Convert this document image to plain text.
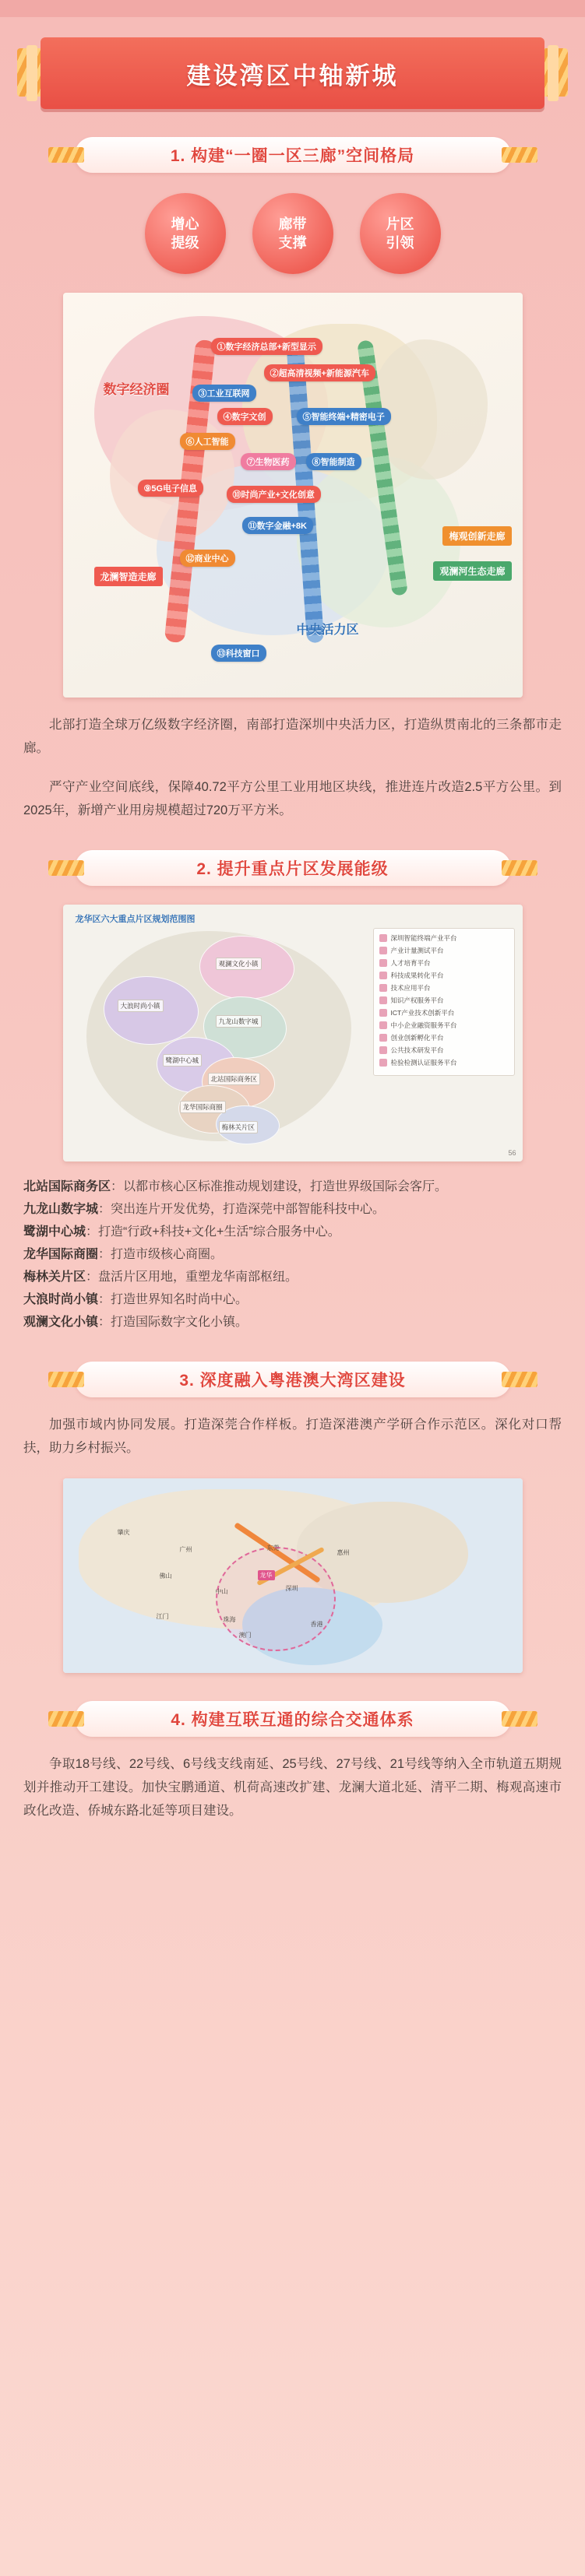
建设湾区中轴新城
1. 构建“一圈一区三廊”空间格局
增心
提级
廊带
支撑
片区
引领
数字经济圈
中央活力区
梅观创新走廊
观澜河生态走廊
龙澜智造走廊
①数字经济总部+新型显示
②超高清视频+新能源汽车
③工业互联网
④数字文创	⑤智能终端+精密电子
⑥人工智能
⑦生物医药	⑧智能制造
⑨5G电子信息
⑩时尚产业+文化创意
⑪数字金融+8K
⑫商业中心
⑬科技窗口
北部打造全球万亿级数字经济圈，南部打造深圳中央活力区，打造纵贯南北的三条都市走廊。
严守产业空间底线，保障40.72平方公里工业用地区块线，推进连片改造2.5平方公里。到2025年，新增产业用房规模超过720万平方米。
2. 提升重点片区发展能级
龙华区六大重点片区规划范围图
观澜文化小镇
大浪时尚小镇
九龙山数字城
鹭湖中心城
北站国际商务区
龙华国际商圈
梅林关片区
深圳智能终端产业平台
产业计量测试平台
人才培育平台
科技成果转化平台
技术应用平台
知识产权服务平台
ICT产业技术创新平台
中小企业融资服务平台
创业创新孵化平台
公共技术研发平台
检验检测认证服务平台
56
北站国际商务区：以都市核心区标准推动规划建设，打造世界级国际会客厅。
九龙山数字城：突出连片开发优势，打造深莞中部智能科技中心。
鹭湖中心城：打造“行政+科技+文化+生活”综合服务中心。
龙华国际商圈：打造市级核心商圈。
梅林关片区：盘活片区用地，重塑龙华南部枢纽。
大浪时尚小镇：打造世界知名时尚中心。
观澜文化小镇：打造国际数字文化小镇。
3. 深度融入粤港澳大湾区建设
加强市域内协同发展。打造深莞合作样板。打造深港澳产学研合作示范区。深化对口帮扶，助力乡村振兴。
广州	东莞
深圳
香港
澳门
珠海
中山
佛山
惠州
江门
肇庆
龙华
4. 构建互联互通的综合交通体系
争取18号线、22号线、6号线支线南延、25号线、27号线、21号线等纳入全市轨道五期规划并推动开工建设。加快宝鹏通道、机荷高速改扩建、龙澜大道北延、清平二期、梅观高速市政化改造、侨城东路北延等项目建设。
